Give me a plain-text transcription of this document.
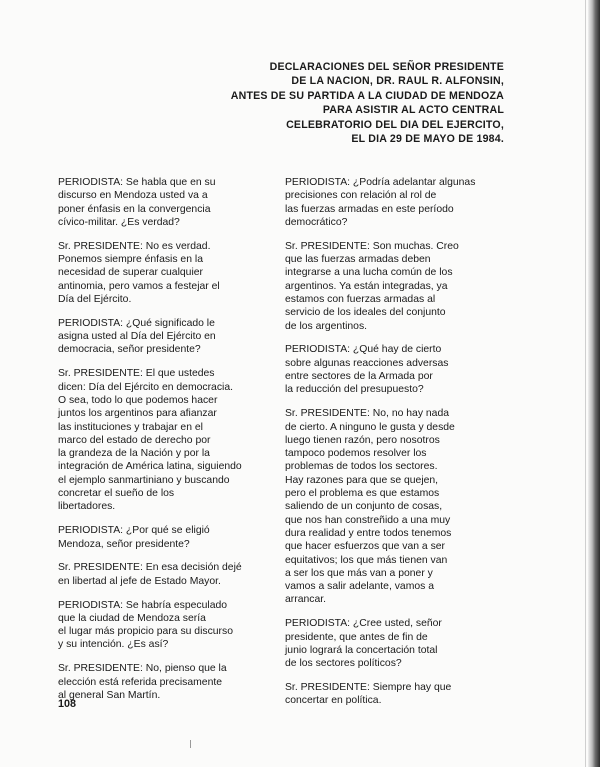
DECLARACIONES DEL SEÑOR PRESIDENTE
DE LA NACION, DR. RAUL R. ALFONSIN,
ANTES DE SU PARTIDA A LA CIUDAD DE MENDOZA
PARA ASISTIR AL ACTO CENTRAL
CELEBRATORIO DEL DIA DEL EJERCITO,
EL DIA 29 DE MAYO DE 1984.

PERIODISTA: Se habla que en su
discurso en Mendoza usted va a
poner énfasis en la convergencia
cívico-militar. ¿Es verdad?

Sr. PRESIDENTE: No es verdad.
Ponemos siempre énfasis en la
necesidad de superar cualquier
antinomia, pero vamos a festejar el
Día del Ejército.

PERIODISTA: ¿Qué significado le
asigna usted al Día del Ejército en
democracia, señor presidente?

Sr. PRESIDENTE: El que ustedes
dicen: Día del Ejército en democracia.
O sea, todo lo que podemos hacer
juntos los argentinos para afianzar
las instituciones y trabajar en el
marco del estado de derecho por
la grandeza de la Nación y por la
integración de América latina, siguiendo
el ejemplo sanmartiniano y buscando
concretar el sueño de los
libertadores.

PERIODISTA: ¿Por qué se eligió
Mendoza, señor presidente?

Sr. PRESIDENTE: En esa decisión dejé
en libertad al jefe de Estado Mayor.

PERIODISTA: Se habría especulado
que la ciudad de Mendoza sería
el lugar más propicio para su discurso
y su intención. ¿Es así?

Sr. PRESIDENTE: No, pienso que la
elección está referida precisamente
al general San Martín.

PERIODISTA: ¿Podría adelantar algunas
precisiones con relación al rol de
las fuerzas armadas en este período
democrático?

Sr. PRESIDENTE: Son muchas. Creo
que las fuerzas armadas deben
integrarse a una lucha común de los
argentinos. Ya están integradas, ya
estamos con fuerzas armadas al
servicio de los ideales del conjunto
de los argentinos.

PERIODISTA: ¿Qué hay de cierto
sobre algunas reacciones adversas
entre sectores de la Armada por
la reducción del presupuesto?

Sr. PRESIDENTE: No, no hay nada
de cierto. A ninguno le gusta y desde
luego tienen razón, pero nosotros
tampoco podemos resolver los
problemas de todos los sectores.
Hay razones para que se quejen,
pero el problema es que estamos
saliendo de un conjunto de cosas,
que nos han constreñido a una muy
dura realidad y entre todos tenemos
que hacer esfuerzos que van a ser
equitativos; los que más tienen van
a ser los que más van a poner y
vamos a salir adelante, vamos a
arrancar.

PERIODISTA: ¿Cree usted, señor
presidente, que antes de fin de
junio logrará la concertación total
de los sectores políticos?

Sr. PRESIDENTE: Siempre hay que
concertar en política.

108
